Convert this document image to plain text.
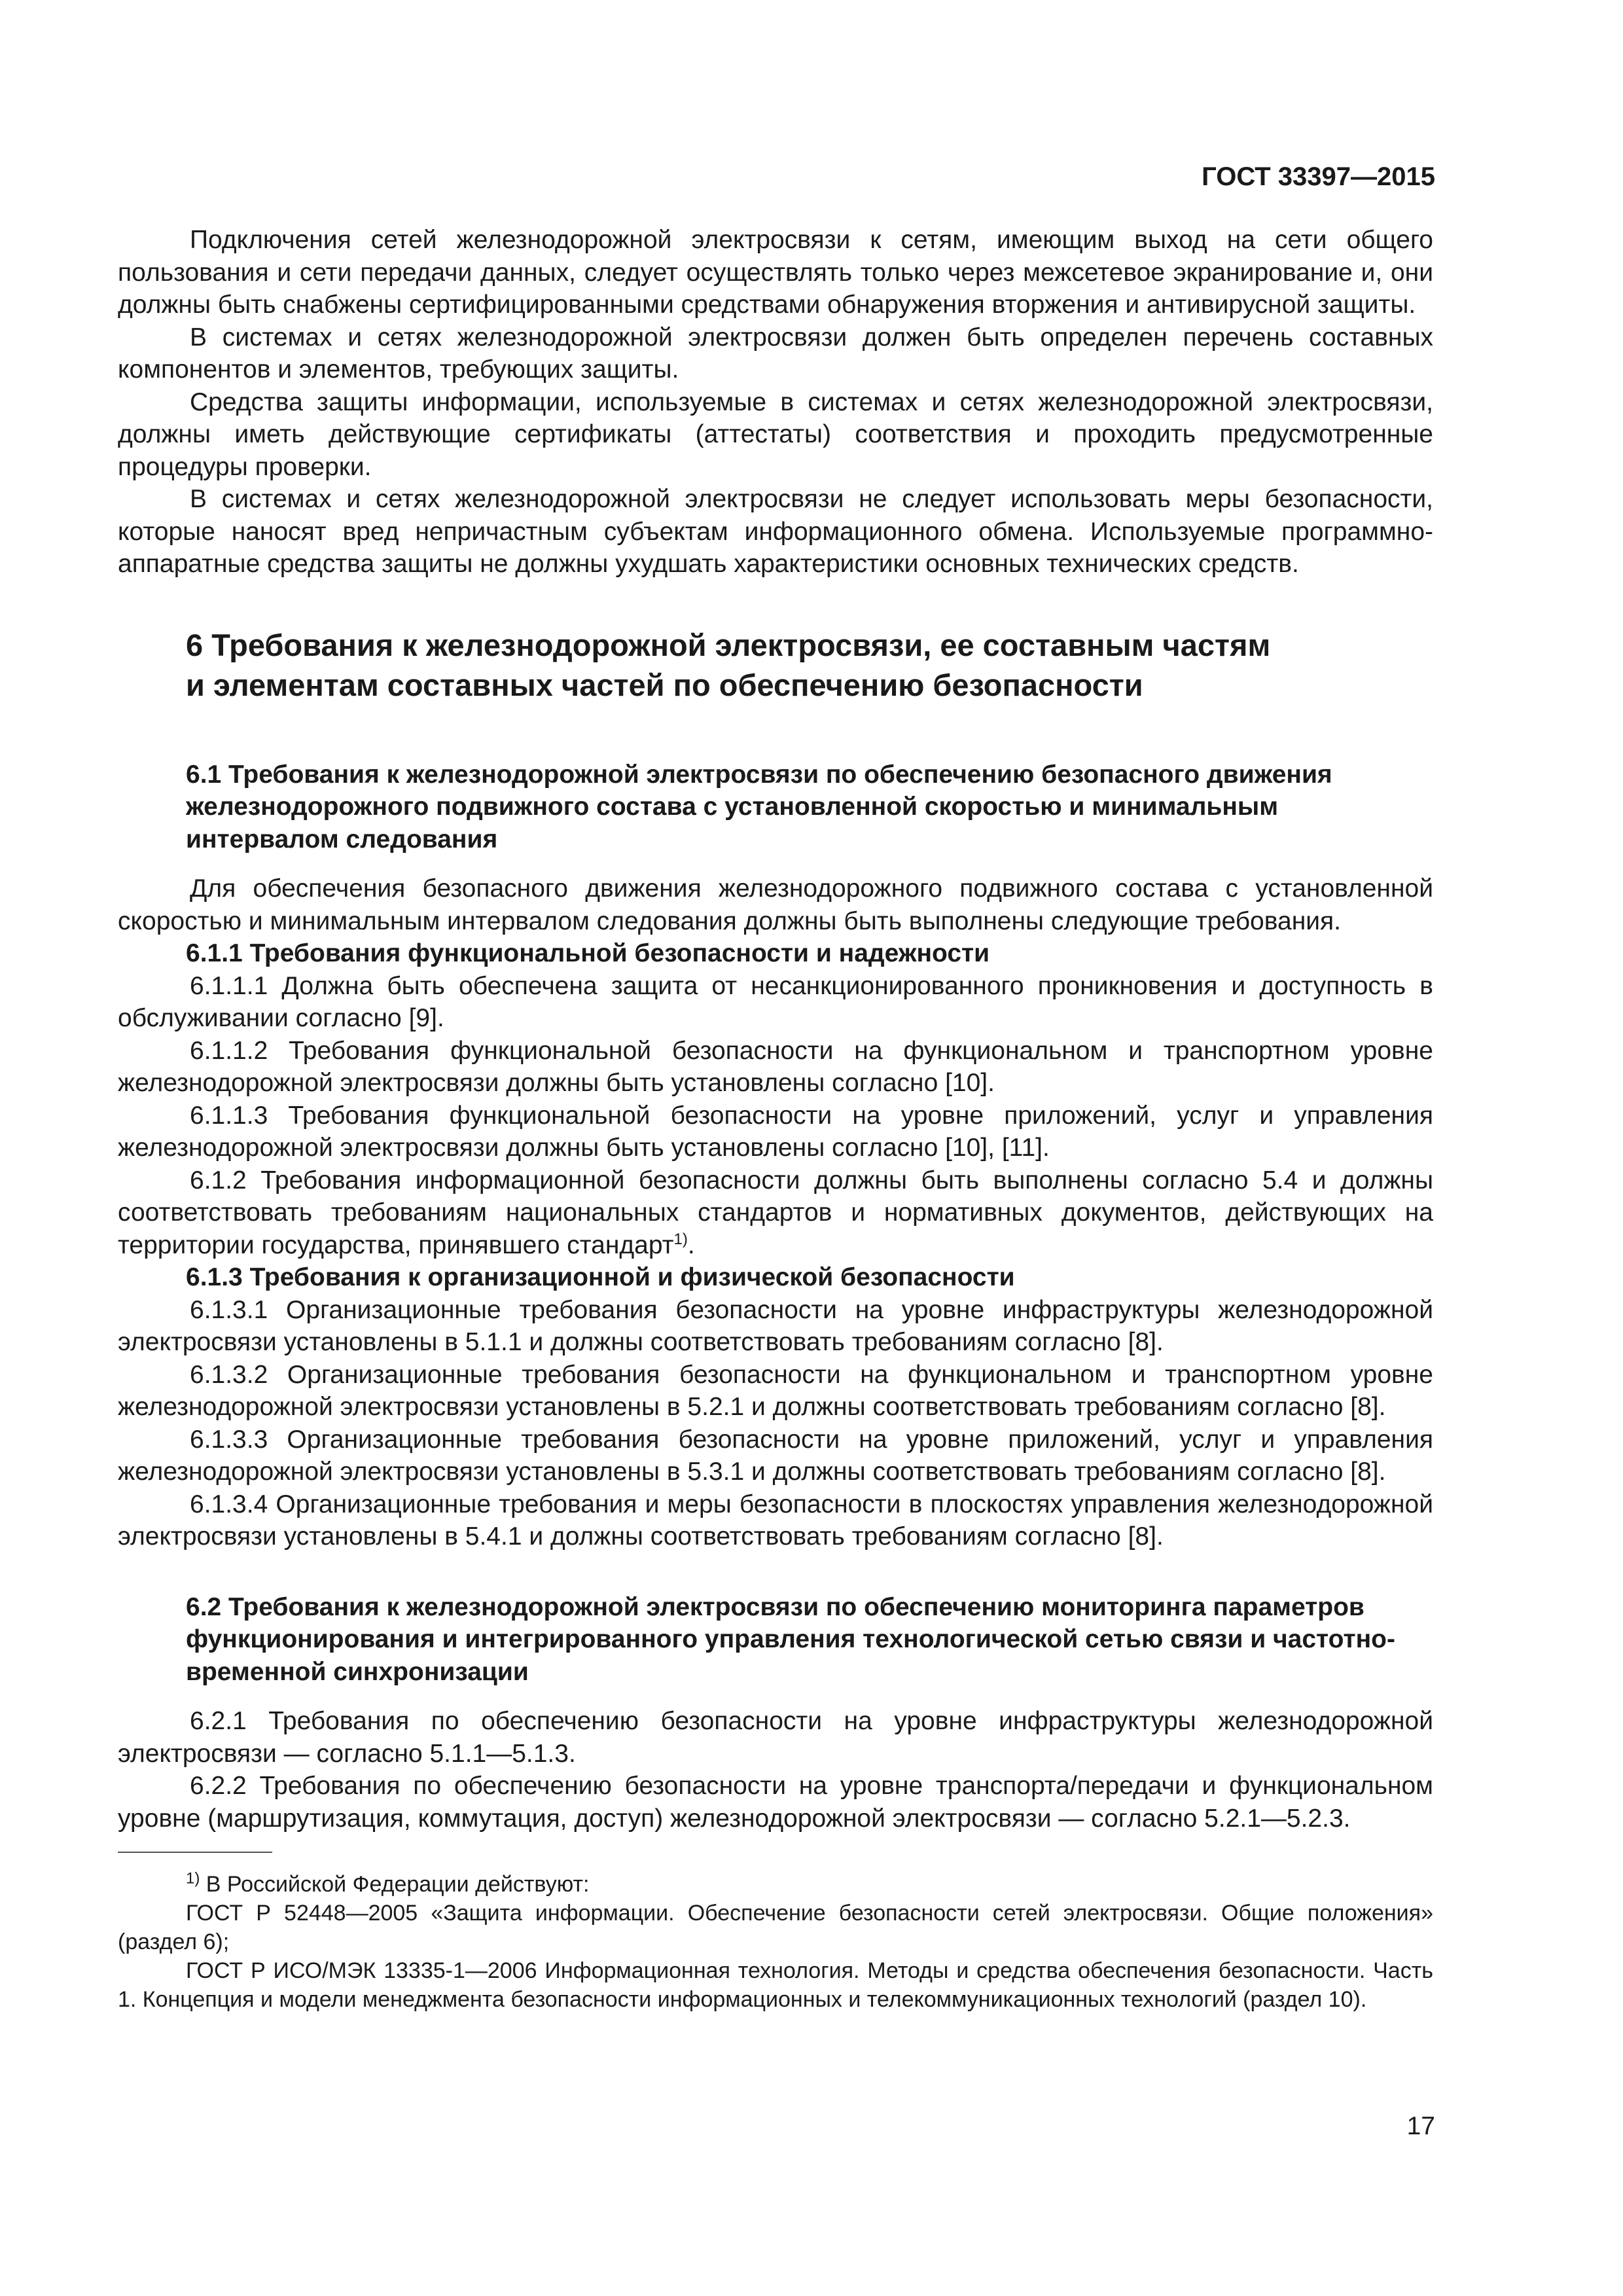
ГОСТ 33397—2015

Подключения сетей железнодорожной электросвязи к сетям, имеющим выход на сети общего пользования и сети передачи данных, следует осуществлять только через межсетевое экранирование и, они должны быть снабжены сертифицированными средствами обнаружения вторжения и антивирусной защиты.

В системах и сетях железнодорожной электросвязи должен быть определен перечень составных компонентов и элементов, требующих защиты.

Средства защиты информации, используемые в системах и сетях железнодорожной электросвязи, должны иметь действующие сертификаты (аттестаты) соответствия и проходить предусмотренные процедуры проверки.

В системах и сетях железнодорожной электросвязи не следует использовать меры безопасности, которые наносят вред непричастным субъектам информационного обмена. Используемые программно-аппаратные средства защиты не должны ухудшать характеристики основных технических средств.

6 Требования к железнодорожной электросвязи, ее составным частям
и элементам составных частей по обеспечению безопасности

6.1 Требования к железнодорожной электросвязи по обеспечению безопасного движения железнодорожного подвижного состава с установленной скоростью и минимальным интервалом следования

Для обеспечения безопасного движения железнодорожного подвижного состава с установленной скоростью и минимальным интервалом следования должны быть выполнены следующие требования.

6.1.1 Требования функциональной безопасности и надежности

6.1.1.1 Должна быть обеспечена защита от несанкционированного проникновения и доступность в обслуживании согласно [9].

6.1.1.2 Требования функциональной безопасности на функциональном и транспортном уровне железнодорожной электросвязи должны быть установлены согласно [10].

6.1.1.3 Требования функциональной безопасности на уровне приложений, услуг и управления железнодорожной электросвязи должны быть установлены согласно [10], [11].

6.1.2 Требования информационной безопасности должны быть выполнены согласно 5.4 и должны соответствовать требованиям национальных стандартов и нормативных документов, действующих на территории государства, принявшего стандарт$^{1)}$.

6.1.3 Требования к организационной и физической безопасности

6.1.3.1 Организационные требования безопасности на уровне инфраструктуры железнодорожной электросвязи установлены в 5.1.1 и должны соответствовать требованиям согласно [8].

6.1.3.2 Организационные требования безопасности на функциональном и транспортном уровне железнодорожной электросвязи установлены в 5.2.1 и должны соответствовать требованиям согласно [8].

6.1.3.3 Организационные требования безопасности на уровне приложений, услуг и управления железнодорожной электросвязи установлены в 5.3.1 и должны соответствовать требованиям согласно [8].

6.1.3.4 Организационные требования и меры безопасности в плоскостях управления железнодорожной электросвязи установлены в 5.4.1 и должны соответствовать требованиям согласно [8].

6.2 Требования к железнодорожной электросвязи по обеспечению мониторинга параметров функционирования и интегрированного управления технологической сетью связи и частотно-временной синхронизации

6.2.1 Требования по обеспечению безопасности на уровне инфраструктуры железнодорожной электросвязи — согласно 5.1.1—5.1.3.

6.2.2 Требования по обеспечению безопасности на уровне транспорта/передачи и функциональном уровне (маршрутизация, коммутация, доступ) железнодорожной электросвязи — согласно 5.2.1—5.2.3.

$^{1)}$ В Российской Федерации действуют:

ГОСТ Р 52448—2005 «Защита информации. Обеспечение безопасности сетей электросвязи. Общие положения» (раздел 6);

ГОСТ Р ИСО/МЭК 13335-1—2006 Информационная технология. Методы и средства обеспечения безопасности. Часть 1. Концепция и модели менеджмента безопасности информационных и телекоммуникационных технологий (раздел 10).

17
